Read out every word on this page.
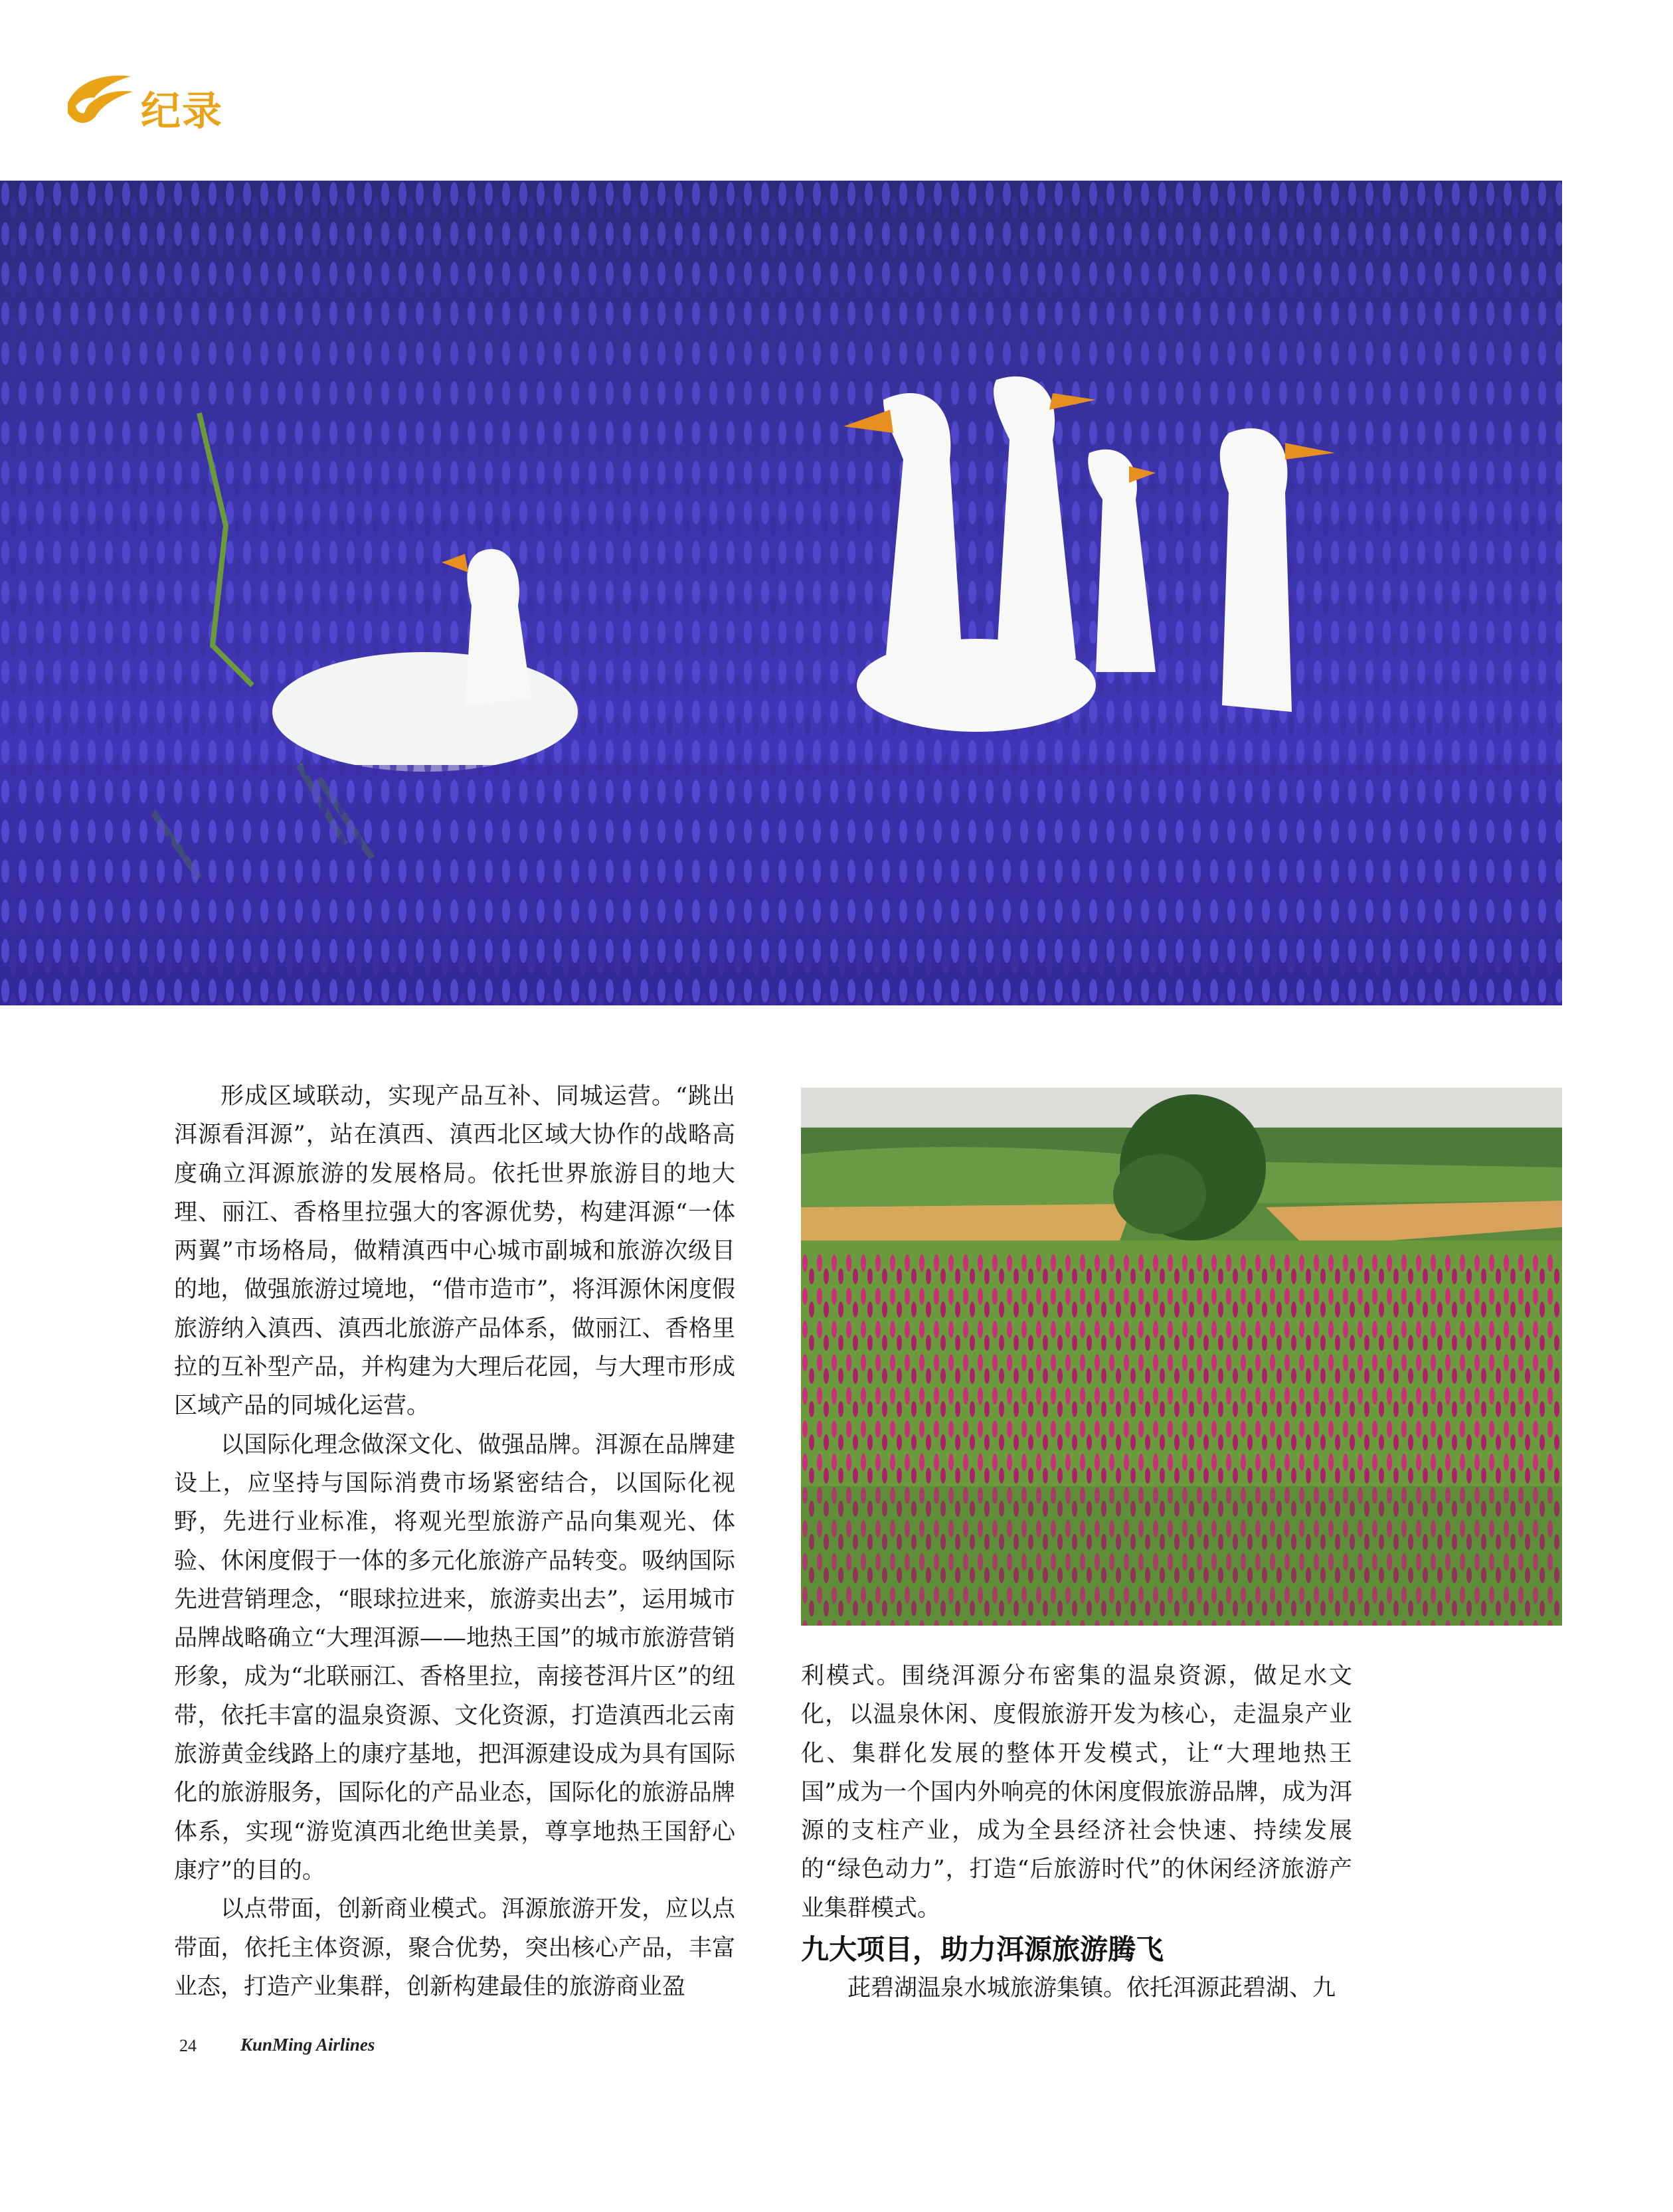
纪录

形成区域联动，实现产品互补、同城运营。“跳出洱源看洱源”，站在滇西、滇西北区域大协作的战略高度确立洱源旅游的发展格局。依托世界旅游目的地大理、丽江、香格里拉强大的客源优势，构建洱源“一体两翼”市场格局，做精滇西中心城市副城和旅游次级目的地，做强旅游过境地，“借市造市”，将洱源休闲度假旅游纳入滇西、滇西北旅游产品体系，做丽江、香格里拉的互补型产品，并构建为大理后花园，与大理市形成区域产品的同城化运营。

以国际化理念做深文化、做强品牌。洱源在品牌建设上，应坚持与国际消费市场紧密结合，以国际化视野，先进行业标准，将观光型旅游产品向集观光、体验、休闲度假于一体的多元化旅游产品转变。吸纳国际先进营销理念，“眼球拉进来，旅游卖出去”，运用城市品牌战略确立“大理洱源——地热王国”的城市旅游营销形象，成为“北联丽江、香格里拉，南接苍洱片区”的纽带，依托丰富的温泉资源、文化资源，打造滇西北云南旅游黄金线路上的康疗基地，把洱源建设成为具有国际化的旅游服务，国际化的产品业态，国际化的旅游品牌体系，实现“游览滇西北绝世美景，尊享地热王国舒心康疗”的目的。

以点带面，创新商业模式。洱源旅游开发，应以点带面，依托主体资源，聚合优势，突出核心产品，丰富业态，打造产业集群，创新构建最佳的旅游商业盈

利模式。围绕洱源分布密集的温泉资源，做足水文化，以温泉休闲、度假旅游开发为核心，走温泉产业化、集群化发展的整体开发模式，让“大理地热王国”成为一个国内外响亮的休闲度假旅游品牌，成为洱源的支柱产业，成为全县经济社会快速、持续发展的“绿色动力”，打造“后旅游时代”的休闲经济旅游产业集群模式。

九大项目，助力洱源旅游腾飞

茈碧湖温泉水城旅游集镇。依托洱源茈碧湖、九

24 KunMing Airlines
